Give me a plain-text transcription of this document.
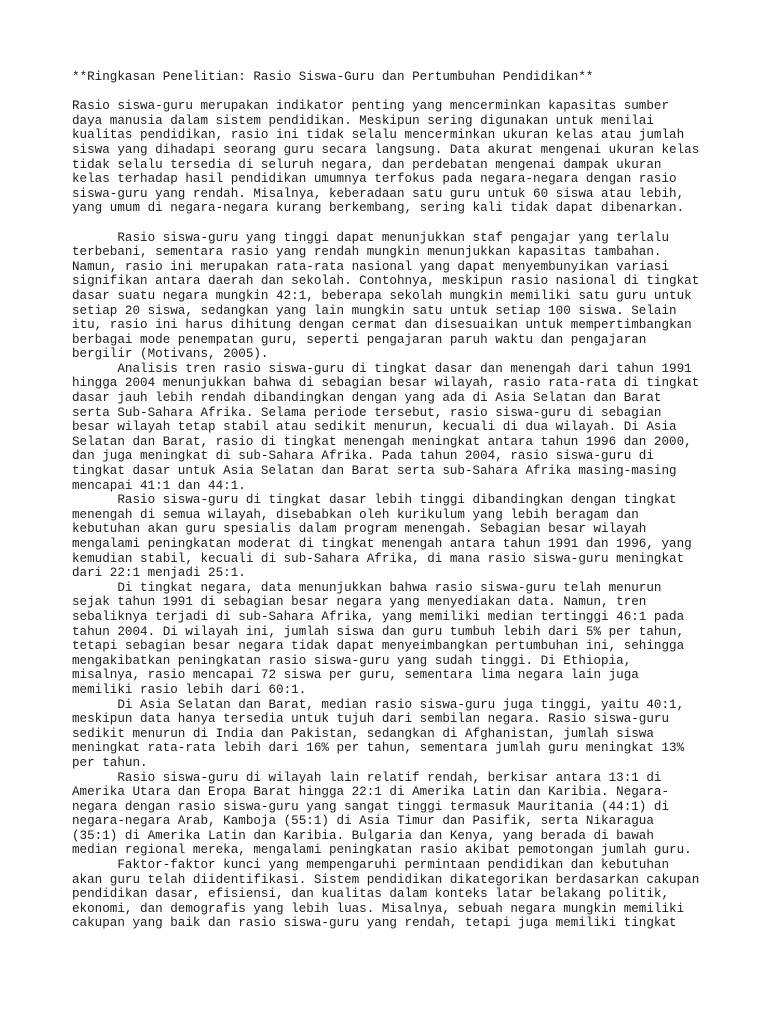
**Ringkasan Penelitian: Rasio Siswa-Guru dan Pertumbuhan Pendidikan**

Rasio siswa-guru merupakan indikator penting yang mencerminkan kapasitas sumber
daya manusia dalam sistem pendidikan. Meskipun sering digunakan untuk menilai
kualitas pendidikan, rasio ini tidak selalu mencerminkan ukuran kelas atau jumlah
siswa yang dihadapi seorang guru secara langsung. Data akurat mengenai ukuran kelas
tidak selalu tersedia di seluruh negara, dan perdebatan mengenai dampak ukuran
kelas terhadap hasil pendidikan umumnya terfokus pada negara-negara dengan rasio
siswa-guru yang rendah. Misalnya, keberadaan satu guru untuk 60 siswa atau lebih,
yang umum di negara-negara kurang berkembang, sering kali tidak dapat dibenarkan.

Rasio siswa-guru yang tinggi dapat menunjukkan staf pengajar yang terlalu
terbebani, sementara rasio yang rendah mungkin menunjukkan kapasitas tambahan.
Namun, rasio ini merupakan rata-rata nasional yang dapat menyembunyikan variasi
signifikan antara daerah dan sekolah. Contohnya, meskipun rasio nasional di tingkat
dasar suatu negara mungkin 42:1, beberapa sekolah mungkin memiliki satu guru untuk
setiap 20 siswa, sedangkan yang lain mungkin satu untuk setiap 100 siswa. Selain
itu, rasio ini harus dihitung dengan cermat dan disesuaikan untuk mempertimbangkan
berbagai mode penempatan guru, seperti pengajaran paruh waktu dan pengajaran
bergilir (Motivans, 2005).

Analisis tren rasio siswa-guru di tingkat dasar dan menengah dari tahun 1991
hingga 2004 menunjukkan bahwa di sebagian besar wilayah, rasio rata-rata di tingkat
dasar jauh lebih rendah dibandingkan dengan yang ada di Asia Selatan dan Barat
serta Sub-Sahara Afrika. Selama periode tersebut, rasio siswa-guru di sebagian
besar wilayah tetap stabil atau sedikit menurun, kecuali di dua wilayah. Di Asia
Selatan dan Barat, rasio di tingkat menengah meningkat antara tahun 1996 dan 2000,
dan juga meningkat di sub-Sahara Afrika. Pada tahun 2004, rasio siswa-guru di
tingkat dasar untuk Asia Selatan dan Barat serta sub-Sahara Afrika masing-masing
mencapai 41:1 dan 44:1.

Rasio siswa-guru di tingkat dasar lebih tinggi dibandingkan dengan tingkat
menengah di semua wilayah, disebabkan oleh kurikulum yang lebih beragam dan
kebutuhan akan guru spesialis dalam program menengah. Sebagian besar wilayah
mengalami peningkatan moderat di tingkat menengah antara tahun 1991 dan 1996, yang
kemudian stabil, kecuali di sub-Sahara Afrika, di mana rasio siswa-guru meningkat
dari 22:1 menjadi 25:1.

Di tingkat negara, data menunjukkan bahwa rasio siswa-guru telah menurun
sejak tahun 1991 di sebagian besar negara yang menyediakan data. Namun, tren
sebaliknya terjadi di sub-Sahara Afrika, yang memiliki median tertinggi 46:1 pada
tahun 2004. Di wilayah ini, jumlah siswa dan guru tumbuh lebih dari 5% per tahun,
tetapi sebagian besar negara tidak dapat menyeimbangkan pertumbuhan ini, sehingga
mengakibatkan peningkatan rasio siswa-guru yang sudah tinggi. Di Ethiopia,
misalnya, rasio mencapai 72 siswa per guru, sementara lima negara lain juga
memiliki rasio lebih dari 60:1.

Di Asia Selatan dan Barat, median rasio siswa-guru juga tinggi, yaitu 40:1,
meskipun data hanya tersedia untuk tujuh dari sembilan negara. Rasio siswa-guru
sedikit menurun di India dan Pakistan, sedangkan di Afghanistan, jumlah siswa
meningkat rata-rata lebih dari 16% per tahun, sementara jumlah guru meningkat 13%
per tahun.

Rasio siswa-guru di wilayah lain relatif rendah, berkisar antara 13:1 di
Amerika Utara dan Eropa Barat hingga 22:1 di Amerika Latin dan Karibia. Negara-
negara dengan rasio siswa-guru yang sangat tinggi termasuk Mauritania (44:1) di
negara-negara Arab, Kamboja (55:1) di Asia Timur dan Pasifik, serta Nikaragua
(35:1) di Amerika Latin dan Karibia. Bulgaria dan Kenya, yang berada di bawah
median regional mereka, mengalami peningkatan rasio akibat pemotongan jumlah guru.

Faktor-faktor kunci yang mempengaruhi permintaan pendidikan dan kebutuhan
akan guru telah diidentifikasi. Sistem pendidikan dikategorikan berdasarkan cakupan
pendidikan dasar, efisiensi, dan kualitas dalam konteks latar belakang politik,
ekonomi, dan demografis yang lebih luas. Misalnya, sebuah negara mungkin memiliki
cakupan yang baik dan rasio siswa-guru yang rendah, tetapi juga memiliki tingkat
